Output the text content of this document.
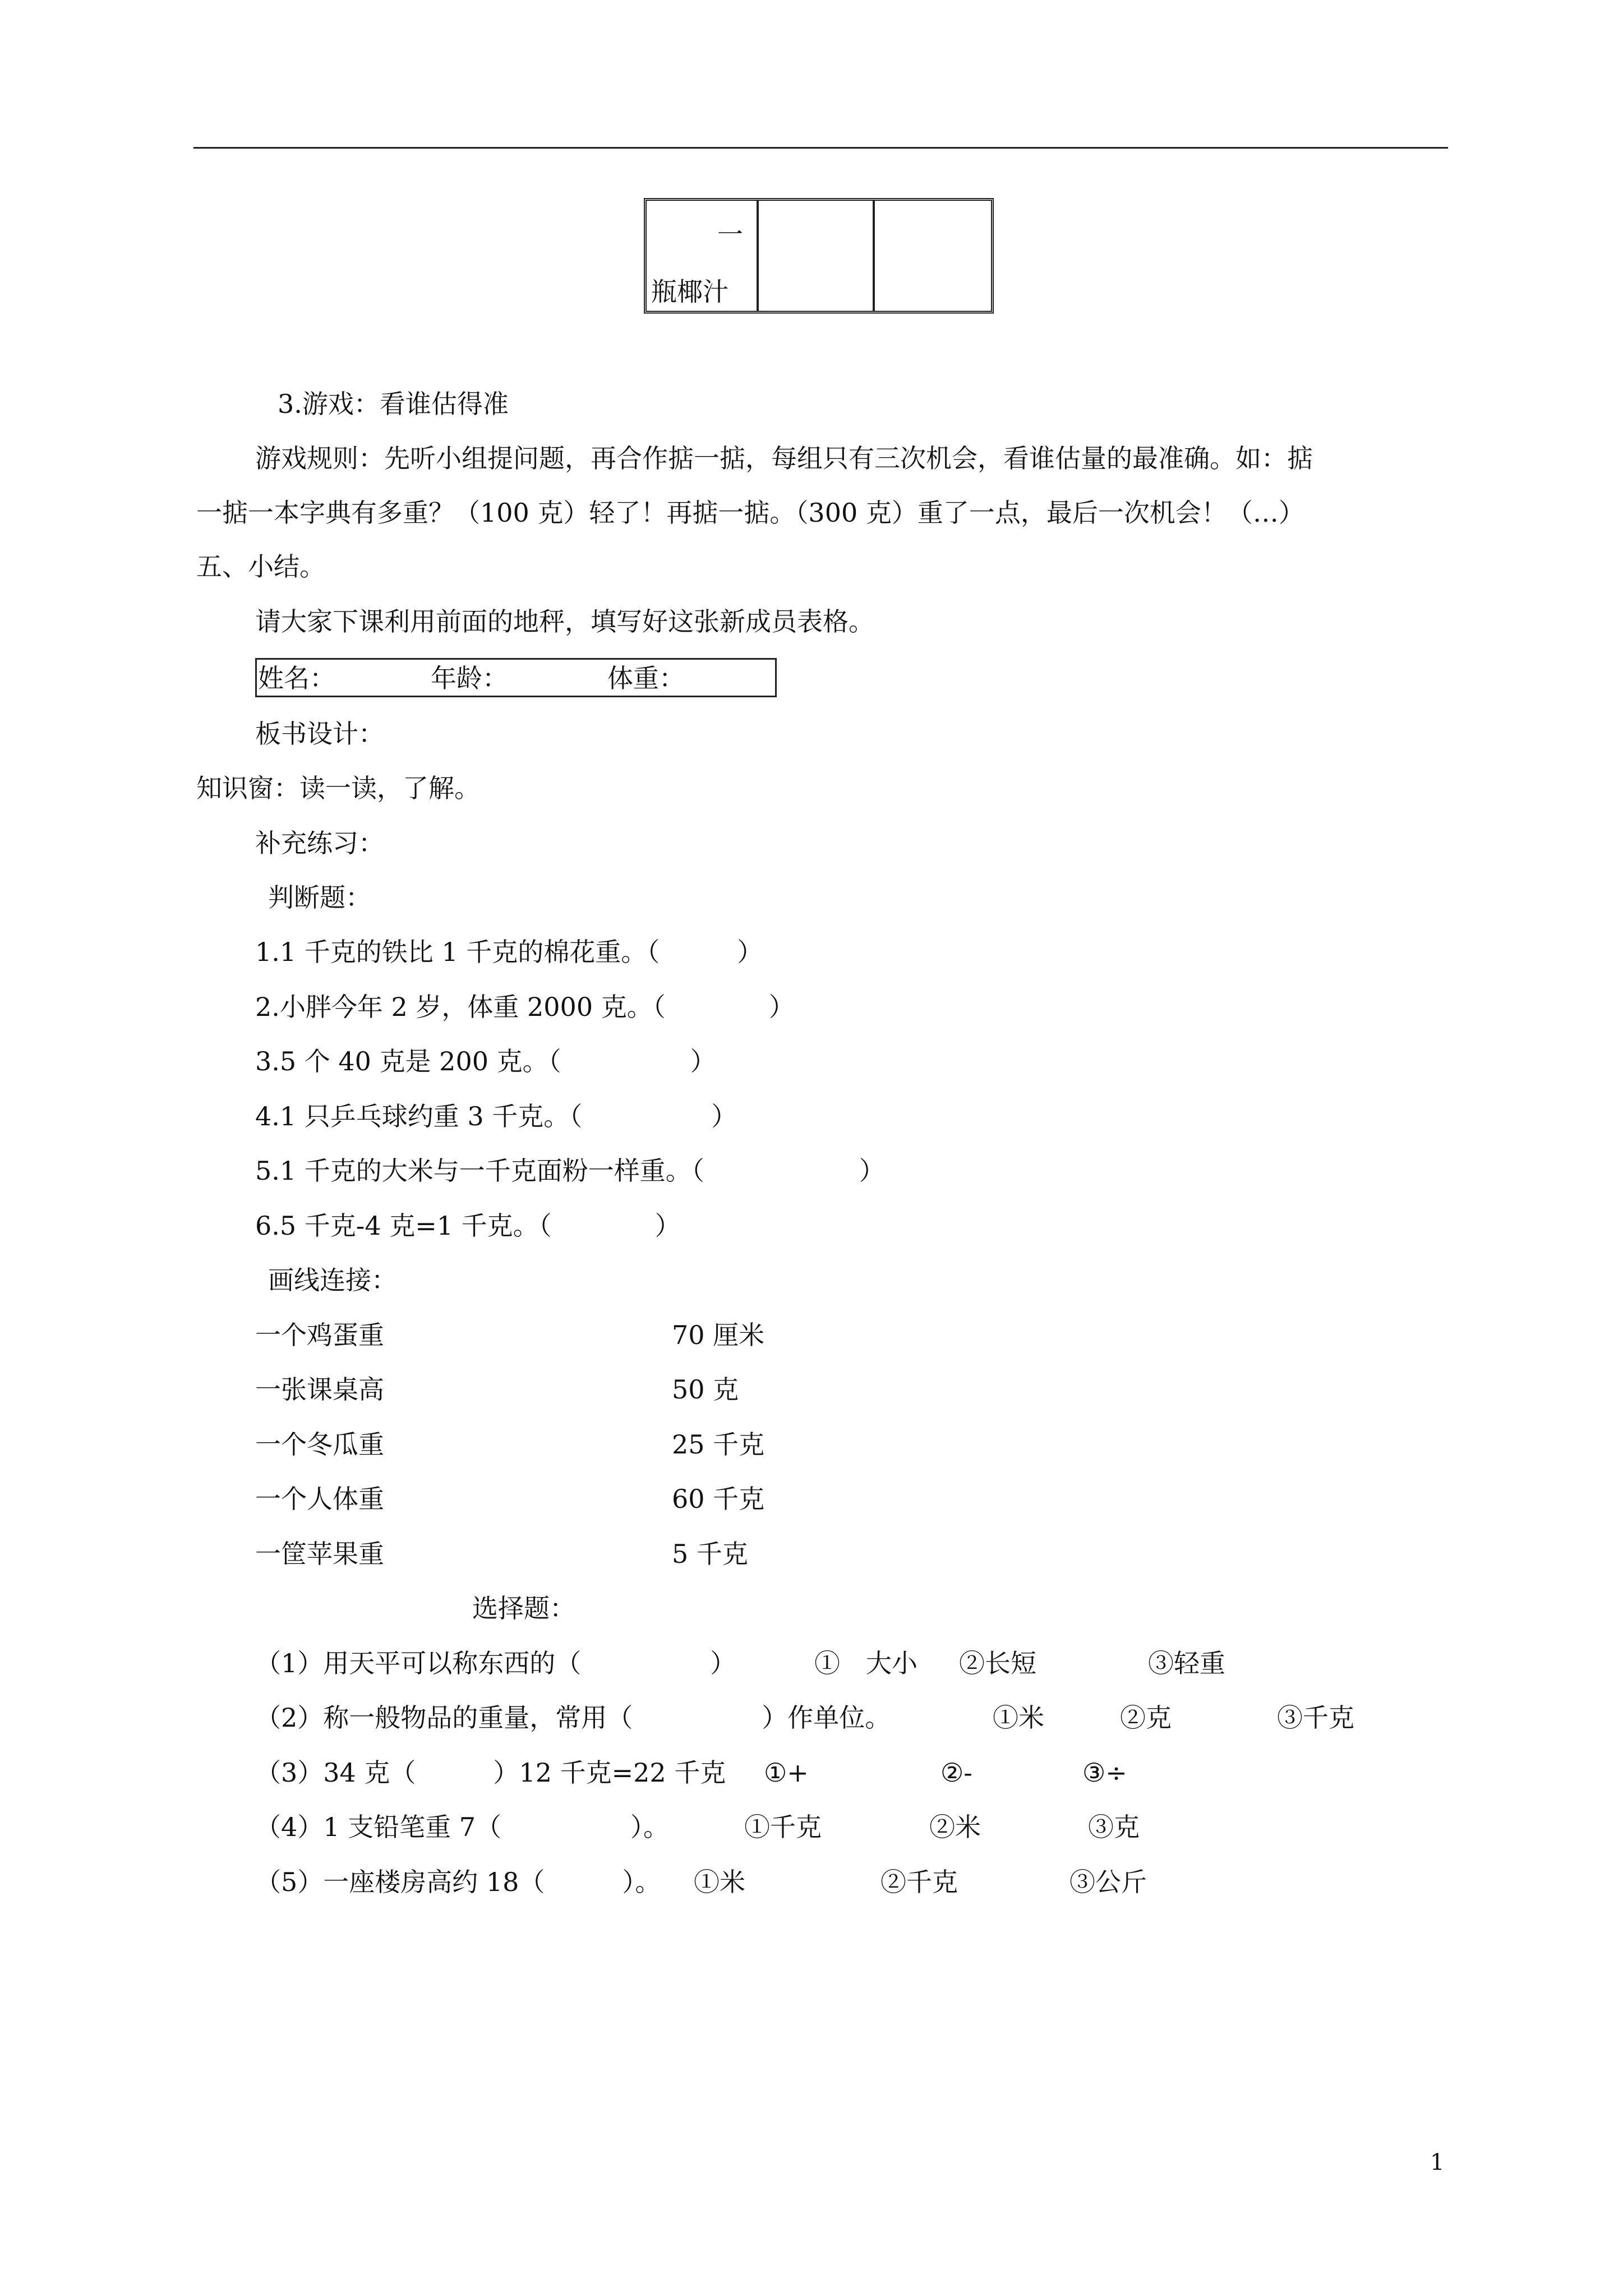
一
瓶椰汁
3.游戏：看谁估得准
游戏规则：先听小组提问题，再合作掂一掂，每组只有三次机会，看谁估量的最准确。如：掂
一掂一本字典有多重？（100 克）轻了！再掂一掂。（300 克）重了一点，最后一次机会！（…）
五、小结。
请大家下课利用前面的地秤，填写好这张新成员表格。
姓名：	年龄：	体重：
板书设计：
知识窗：读一读，了解。
补充练习：
判断题：
1.1 千克的铁比 1 千克的棉花重。（　　　）
2.小胖今年 2 岁，体重 2000 克。（　　　　）
3.5 个 40 克是 200 克。（　　　　　）
4.1 只乒乓球约重 3 千克。（　　　　　）
5.1 千克的大米与一千克面粉一样重。（　　　　　　）
6.5 千克-4 克=1 千克。（　　　　）
画线连接：
一个鸡蛋重	70 厘米
一张课桌高	50 克
一个冬瓜重	25 千克
一个人体重	60 千克
一筐苹果重	5 千克
选择题：
（1）用天平可以称东西的（　　　　　）	①　大小 ②长短	③轻重
（2）称一般物品的重量，常用（　　　　　）作单位。	①米	②克	③千克
（3）34 克（　　　）12 千克=22 千克 ①+	②-	③÷
（4）1 支铅笔重 7（　　　　　）。	①千克	②米	③克
（5）一座楼房高约 18（　　　）。 ①米	②千克	③公斤
1
